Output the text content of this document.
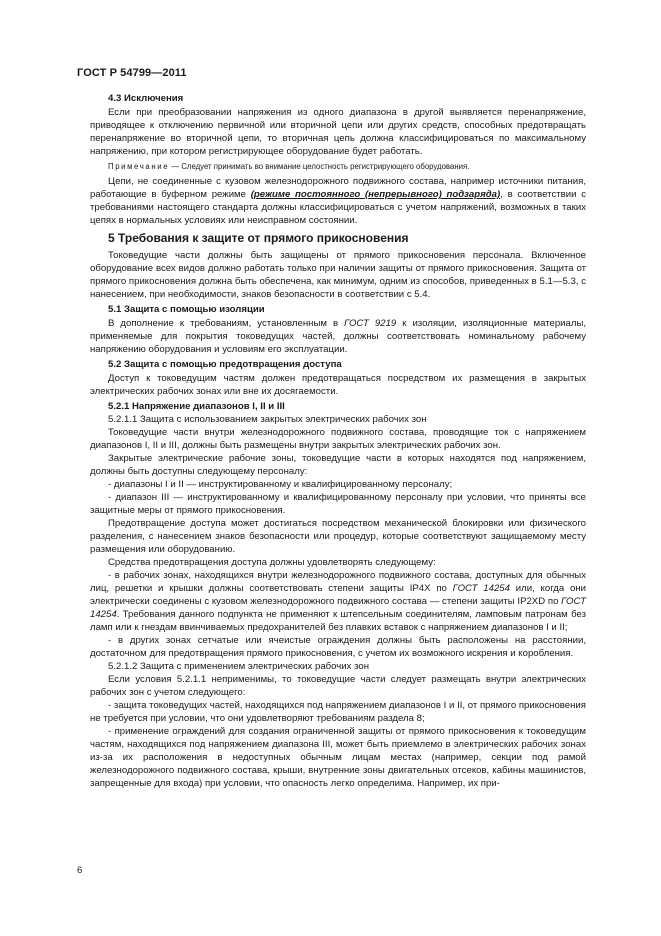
ГОСТ Р 54799—2011
4.3 Исключения

Если при преобразовании напряжения из одного диапазона в другой выявляется перенапряжение, приводящее к отключению первичной или вторичной цепи или других средств, способных предотвращать перенапряжение во вторичной цепи, то вторичная цепь должна классифицироваться по максимальному напряжению, при котором регистрирующее оборудование будет работать.

Примечание — Следует принимать во внимание целостность регистрирующего оборудования.

Цепи, не соединенные с кузовом железнодорожного подвижного состава, например источники питания, работающие в буферном режиме (режиме постоянного (непрерывного) подзаряда), в соответствии с требованиями настоящего стандарта должны классифицироваться с учетом напряжений, возможных в таких цепях в нормальных условиях или неисправном состоянии.

5 Требования к защите от прямого прикосновения

Токоведущие части должны быть защищены от прямого прикосновения персонала. Включенное оборудование всех видов должно работать только при наличии защиты от прямого прикосновения. Защита от прямого прикосновения должна быть обеспечена, как минимум, одним из способов, приведенных в 5.1—5.3, с нанесением, при необходимости, знаков безопасности в соответствии с 5.4.

5.1 Защита с помощью изоляции

В дополнение к требованиям, установленным в ГОСТ 9219 к изоляции, изоляционные материалы, применяемые для покрытия токоведущих частей, должны соответствовать номинальному рабочему напряжению оборудования и условиям его эксплуатации.

5.2 Защита с помощью предотвращения доступа

Доступ к токоведущим частям должен предотвращаться посредством их размещения в закрытых электрических рабочих зонах или вне их досягаемости.

5.2.1 Напряжение диапазонов I, II и III

5.2.1.1 Защита с использованием закрытых электрических рабочих зон

Токоведущие части внутри железнодорожного подвижного состава, проводящие ток с напряжением диапазонов I, II и III, должны быть размещены внутри закрытых электрических рабочих зон.

Закрытые электрические рабочие зоны, токоведущие части в которых находятся под напряжением, должны быть доступны следующему персоналу:

- диапазоны I и II — инструктированному и квалифицированному персоналу;

- диапазон III — инструктированному и квалифицированному персоналу при условии, что приняты все защитные меры от прямого прикосновения.

Предотвращение доступа может достигаться посредством механической блокировки или физического разделения, с нанесением знаков безопасности или процедур, которые соответствуют защищаемому месту размещения или оборудованию.

Средства предотвращения доступа должны удовлетворять следующему:

- в рабочих зонах, находящихся внутри железнодорожного подвижного состава, доступных для обычных лиц, решетки и крышки должны соответствовать степени защиты IP4X по ГОСТ 14254 или, когда они электрически соединены с кузовом железнодорожного подвижного состава — степени защиты IP2XD по ГОСТ 14254. Требования данного подпункта не применяют к штепсельным соединителям, ламповым патронам без ламп или к гнездам ввинчиваемых предохранителей без плавких вставок с напряжением диапазонов I и II;

- в других зонах сетчатые или ячеистые ограждения должны быть расположены на расстоянии, достаточном для предотвращения прямого прикосновения, с учетом их возможного искрения и коробления.

5.2.1.2 Защита с применением электрических рабочих зон

Если условия 5.2.1.1 неприменимы, то токоведущие части следует размещать внутри электрических рабочих зон с учетом следующего:

- защита токоведущих частей, находящихся под напряжением диапазонов I и II, от прямого прикосновения не требуется при условии, что они удовлетворяют требованиям раздела 8;

- применение ограждений для создания ограниченной защиты от прямого прикосновения к токоведущим частям, находящихся под напряжением диапазона III, может быть приемлемо в электрических рабочих зонах из-за их расположения в недоступных обычным лицам местах (например, секции под рамой железнодорожного подвижного состава, крыши, внутренние зоны двигательных отсеков, кабины машинистов, запрещенные для входа) при условии, что опасность легко определима. Например, их при-

6
